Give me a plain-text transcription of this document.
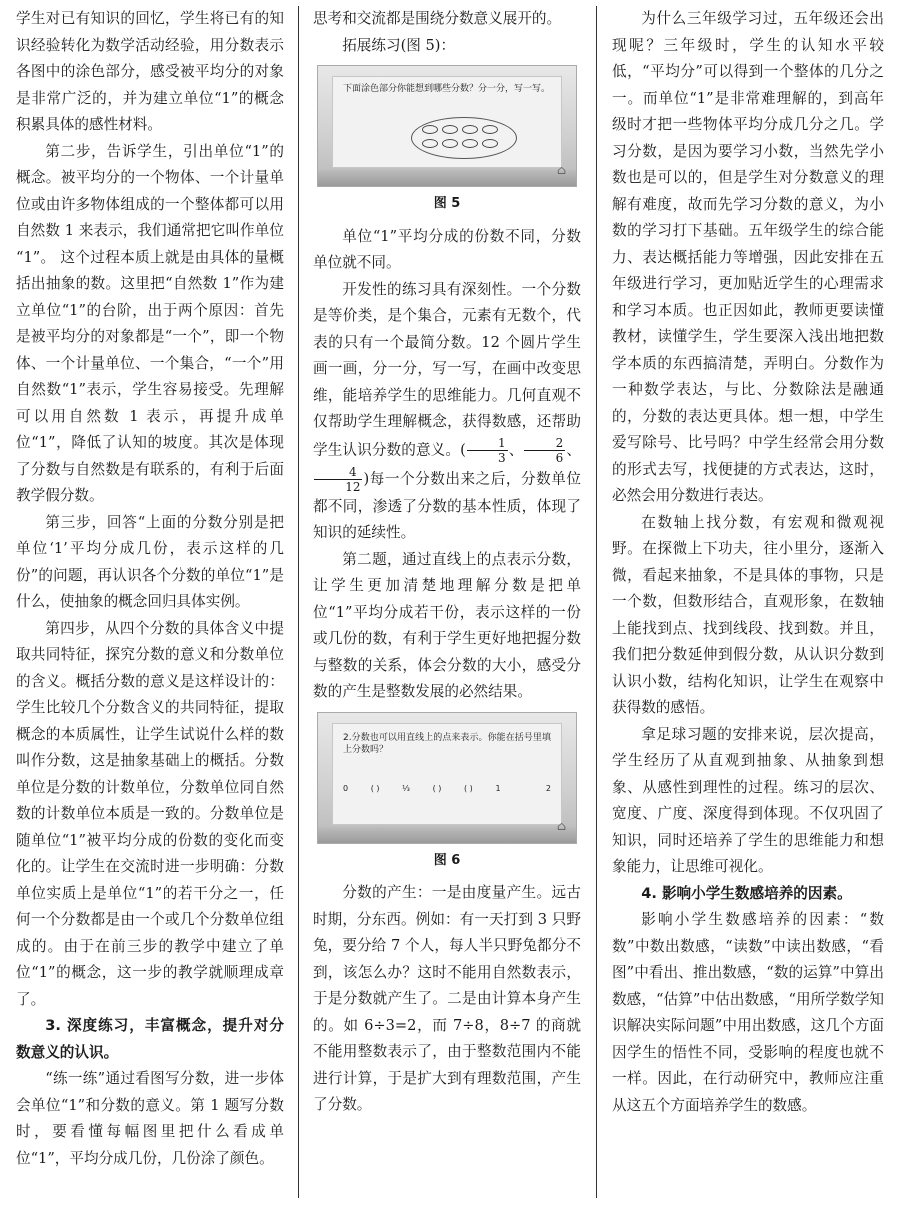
学生对已有知识的回忆，学生将已有的知识经验转化为数学活动经验，用分数表示各图中的涂色部分，感受被平均分的对象是非常广泛的，并为建立单位“1”的概念积累具体的感性材料。

第二步，告诉学生，引出单位“1”的概念。被平均分的一个物体、一个计量单位或由许多物体组成的一个整体都可以用自然数 1 来表示，我们通常把它叫作单位 “1”。 这个过程本质上就是由具体的量概括出抽象的数。这里把“自然数 1”作为建立单位“1”的台阶，出于两个原因：首先是被平均分的对象都是“一个”，即一个物体、一个计量单位、一个集合，“一个”用自然数“1”表示，学生容易接受。先理解可以用自然数 1 表示，再提升成单位“1”，降低了认知的坡度。其次是体现了分数与自然数是有联系的，有利于后面教学假分数。

第三步，回答“上面的分数分别是把单位‘1’平均分成几份，表示这样的几份”的问题，再认识各个分数的单位“1”是什么，使抽象的概念回归具体实例。

第四步，从四个分数的具体含义中提取共同特征，探究分数的意义和分数单位的含义。概括分数的意义是这样设计的：学生比较几个分数含义的共同特征，提取概念的本质属性，让学生试说什么样的数叫作分数，这是抽象基础上的概括。分数单位是分数的计数单位，分数单位同自然数的计数单位本质是一致的。分数单位是随单位“1”被平均分成的份数的变化而变化的。让学生在交流时进一步明确：分数单位实质上是单位“1”的若干分之一，任何一个分数都是由一个或几个分数单位组成的。由于在前三步的教学中建立了单位“1”的概念，这一步的教学就顺理成章了。

3. 深度练习，丰富概念，提升对分数意义的认识。

“练一练”通过看图写分数，进一步体会单位“1”和分数的意义。第 1 题写分数时，要看懂每幅图里把什么看成单位“1”，平均分成几份，几份涂了颜色。

思考和交流都是围绕分数意义展开的。

拓展练习(图 5)：

下面涂色部分你能想到哪些分数？分一分，写一写。
⌂

图 5

单位“1”平均分成的份数不同，分数单位就不同。

开发性的练习具有深刻性。一个分数是等价类，是个集合，元素有无数个，代表的只有一个最简分数。12 个圆片学生画一画，分一分，写一写，在画中改变思维，能培养学生的思维能力。几何直观不仅帮助学生理解概念，获得数感，还帮助学生认识分数的意义。( $\frac{1}{3}$ 、 $\frac{2}{6}$ 、
$\frac{4}{12}$ )每一个分数出来之后，分数单位都不同，渗透了分数的基本性质，体现了知识的延续性。

第二题，通过直线上的点表示分数，让学生更加清楚地理解分数是把单位“1”平均分成若干份，表示这样的一份或几份的数，有利于学生更好地把握分数与整数的关系，体会分数的大小，感受分数的产生是整数发展的必然结果。

2.分数也可以用直线上的点来表示。你能在括号里填上分数吗？
0	( )	⅓	( )	( )	1	2
⌂

图 6

分数的产生：一是由度量产生。远古时期，分东西。例如：有一天打到 3 只野兔，要分给 7 个人，每人半只野兔都分不到，该怎么办？这时不能用自然数表示，于是分数就产生了。二是由计算本身产生的。如 6÷3=2，而 7÷8，8÷7 的商就不能用整数表示了，由于整数范围内不能进行计算，于是扩大到有理数范围，产生了分数。

为什么三年级学习过，五年级还会出现呢？三年级时，学生的认知水平较低，“平均分”可以得到一个整体的几分之一。而单位“1”是非常难理解的，到高年级时才把一些物体平均分成几分之几。学习分数，是因为要学习小数，当然先学小数也是可以的，但是学生对分数意义的理解有难度，故而先学习分数的意义，为小数的学习打下基础。五年级学生的综合能力、表达概括能力等增强，因此安排在五年级进行学习，更加贴近学生的心理需求和学习本质。也正因如此，教师更要读懂教材，读懂学生，学生要深入浅出地把数学本质的东西搞清楚，弄明白。分数作为一种数学表达，与比、分数除法是融通的，分数的表达更具体。想一想，中学生爱写除号、比号吗？中学生经常会用分数的形式去写，找便捷的方式表达，这时，必然会用分数进行表达。

在数轴上找分数，有宏观和微观视野。在探微上下功夫，往小里分，逐渐入微，看起来抽象，不是具体的事物，只是一个数，但数形结合，直观形象，在数轴上能找到点、找到线段、找到数。并且，我们把分数延伸到假分数，从认识分数到认识小数，结构化知识，让学生在观察中获得数的感悟。

拿足球习题的安排来说，层次提高，学生经历了从直观到抽象、从抽象到想象、从感性到理性的过程。练习的层次、宽度、广度、深度得到体现。不仅巩固了知识，同时还培养了学生的思维能力和想象能力，让思维可视化。

4. 影响小学生数感培养的因素。

影响小学生数感培养的因素：“数数”中数出数感，“读数”中读出数感，“看图”中看出、推出数感，“数的运算”中算出数感，“估算”中估出数感，“用所学数学知识解决实际问题”中用出数感，这几个方面因学生的悟性不同，受影响的程度也就不一样。因此，在行动研究中，教师应注重从这五个方面培养学生的数感。
